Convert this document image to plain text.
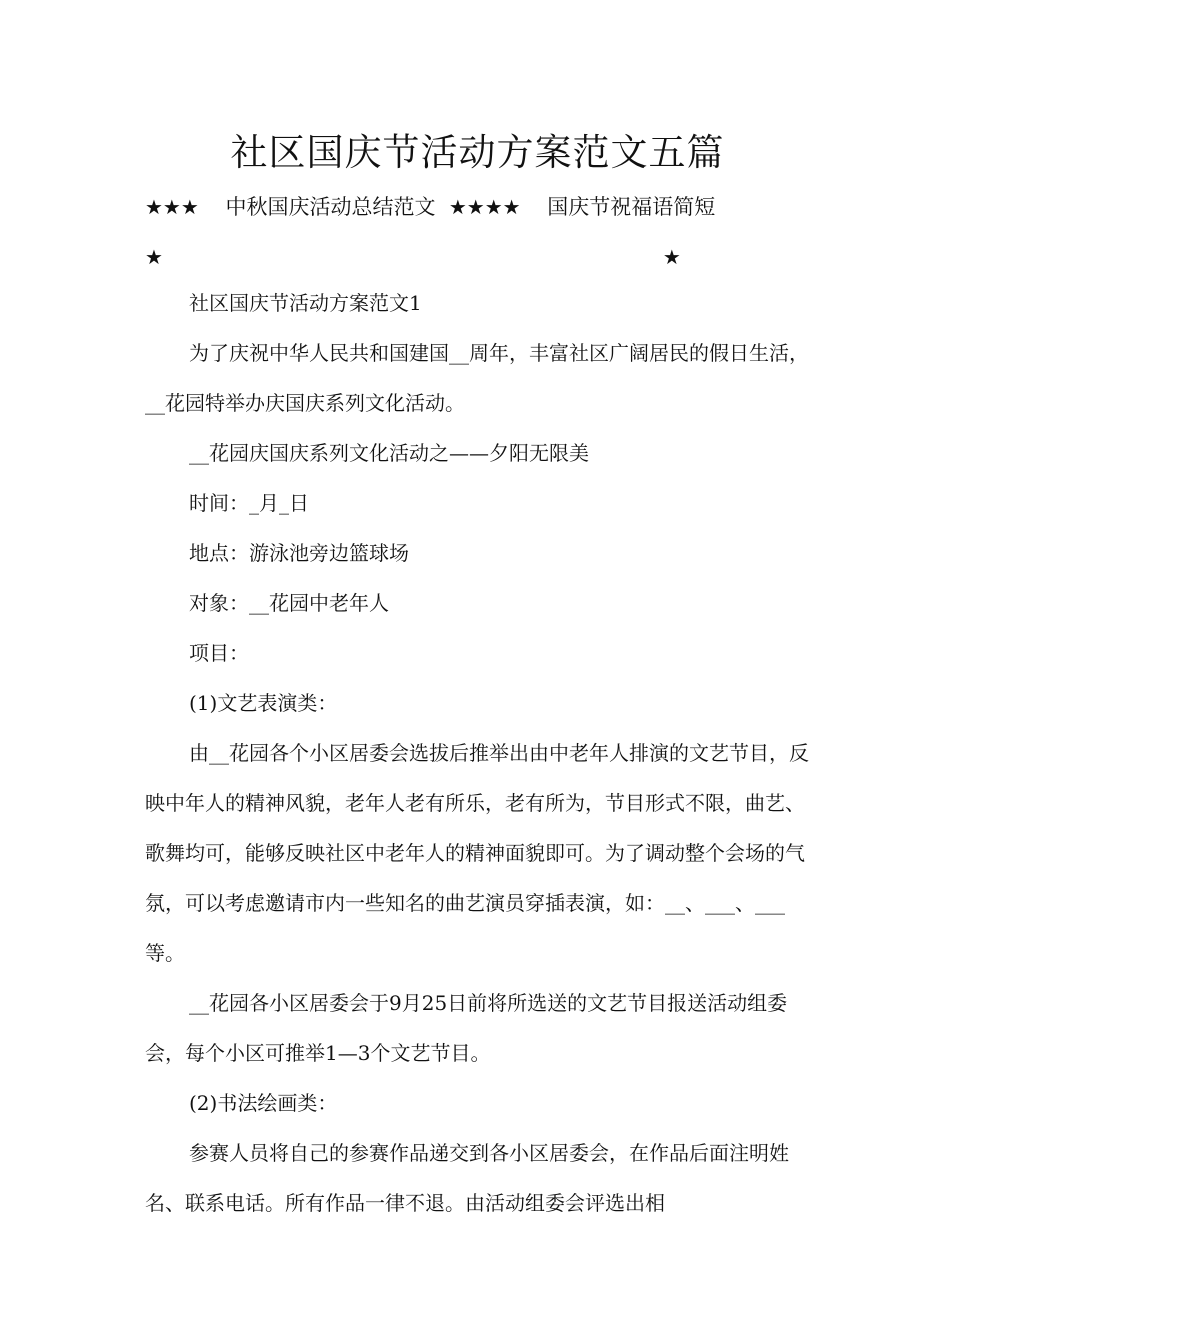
社区国庆节活动方案范文五篇
★★★ 中秋国庆活动总结范文 ★★★★ 国庆节祝福语简短  ★★

社区国庆节活动方案范文1

为了庆祝中华人民共和国建国__周年，丰富社区广阔居民的假日生活，__花园特举办庆国庆系列文化活动。

__花园庆国庆系列文化活动之——夕阳无限美

时间：_月_日

地点：游泳池旁边篮球场

对象：__花园中老年人

项目：

(1)文艺表演类：

由__花园各个小区居委会选拔后推举出由中老年人排演的文艺节目，反映中年人的精神风貌，老年人老有所乐，老有所为，节目形式不限，曲艺、歌舞均可，能够反映社区中老年人的精神面貌即可。为了调动整个会场的气氛，可以考虑邀请市内一些知名的曲艺演员穿插表演，如：__、___、___等。

__花园各小区居委会于9月25日前将所选送的文艺节目报送活动组委会，每个小区可推举1—3个文艺节目。

(2)书法绘画类：

参赛人员将自己的参赛作品递交到各小区居委会，在作品后面注明姓名、联系电话。所有作品一律不退。由活动组委会评选出相
